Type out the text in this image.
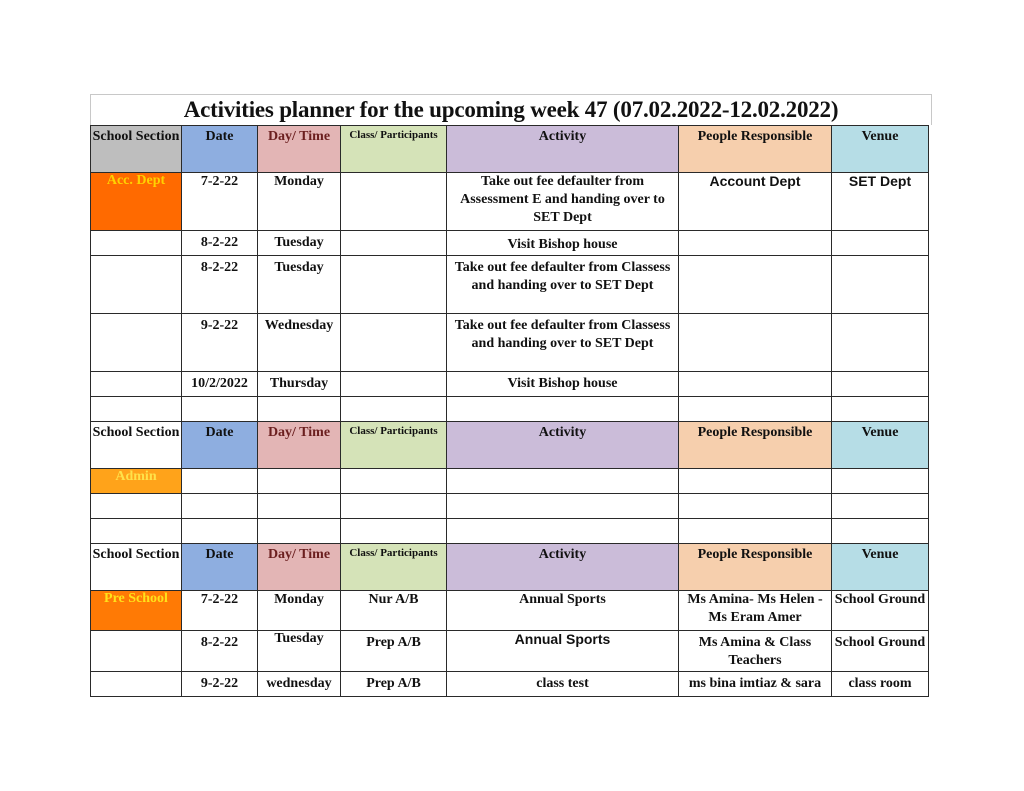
Activities planner for the upcoming week 47 (07.02.2022-12.02.2022)
School Section	Date	Day/ Time	Class/ Participants	Activity	People Responsible	Venue
Acc. Dept	7-2-22	Monday		Take out fee defaulter from Assessment E and handing over to SET Dept	Account Dept	SET Dept
	8-2-22	Tuesday		Visit Bishop house		
	8-2-22	Tuesday		Take out fee defaulter from Classess and handing over to SET Dept		
	9-2-22	Wednesday		Take out fee defaulter from Classess and handing over to SET Dept		
	10/2/2022	Thursday		Visit Bishop house		

School Section	Date	Day/ Time	Class/ Participants	Activity	People Responsible	Venue
Admin						

School Section	Date	Day/ Time	Class/ Participants	Activity	People Responsible	Venue
Pre School	7-2-22	Monday	Nur A/B	Annual Sports	Ms Amina- Ms Helen -Ms Eram Amer	School Ground
	8-2-22	Tuesday	Prep A/B	Annual Sports	Ms Amina & Class Teachers	School Ground
	9-2-22	wednesday	Prep A/B	class test	ms bina imtiaz & sara	class room
